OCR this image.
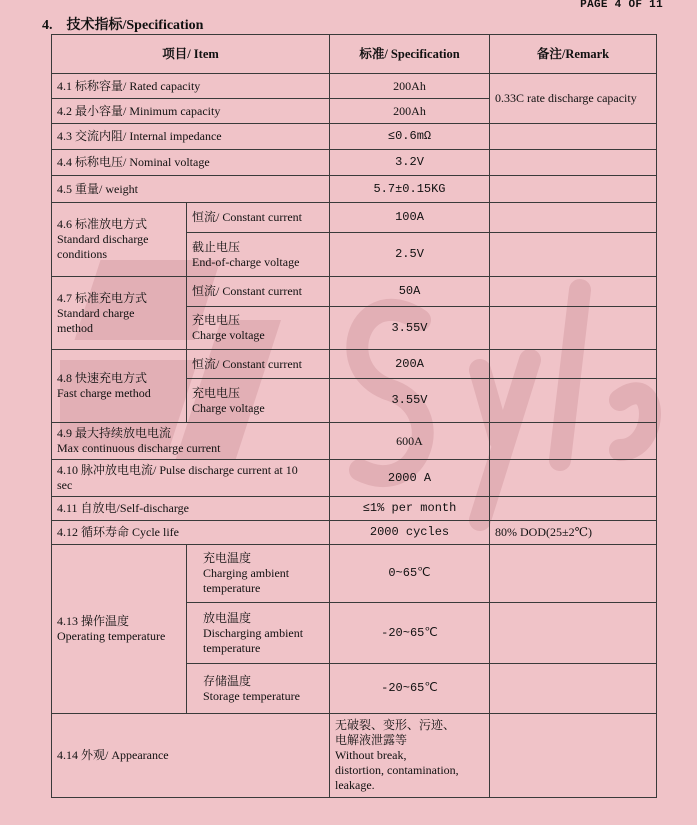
PAGE 4 OF 11
4. 技术指标/Specification
项目/ Item		标准/ Specification	备注/Remark
4.1 标称容量/ Rated capacity		200Ah	0.33C rate discharge capacity
4.2 最小容量/ Minimum capacity		200Ah	
4.3 交流内阻/ Internal impedance		≤0.6mΩ	
4.4 标称电压/ Nominal voltage		3.2V	
4.5 重量/ weight		5.7±0.15KG	

4.6 标准放电方式
Standard discharge
conditions	恒流/ Constant current	100A	

	截止电压
End-of-charge voltage	2.5V	

4.7 标准充电方式
Standard charge
method	恒流/ Constant current	50A	

	充电电压
Charge voltage	3.55V	

4.8 快速充电方式
Fast charge method	恒流/ Constant current	200A	

	充电电压
Charge voltage	3.55V	

4.9 最大持续放电电流
Max continuous discharge current		600A	

4.10 脉冲放电电流/ Pulse discharge current at 10
sec		2000 A	
4.11 自放电/Self-discharge		≤1% per month	
4.12 循环寿命 Cycle life		2000 cycles	80% DOD(25±2℃)

4.13 操作温度
Operating temperature	充电温度
Charging ambient
temperature	0~65℃	

	放电温度
Discharging ambient
temperature	-20~65℃	

	存储温度
Storage temperature	-20~65℃	
4.14 外观/ Appearance		无破裂、变形、污迹、
电解液泄露等
Without break,
distortion, contamination,
leakage.	
